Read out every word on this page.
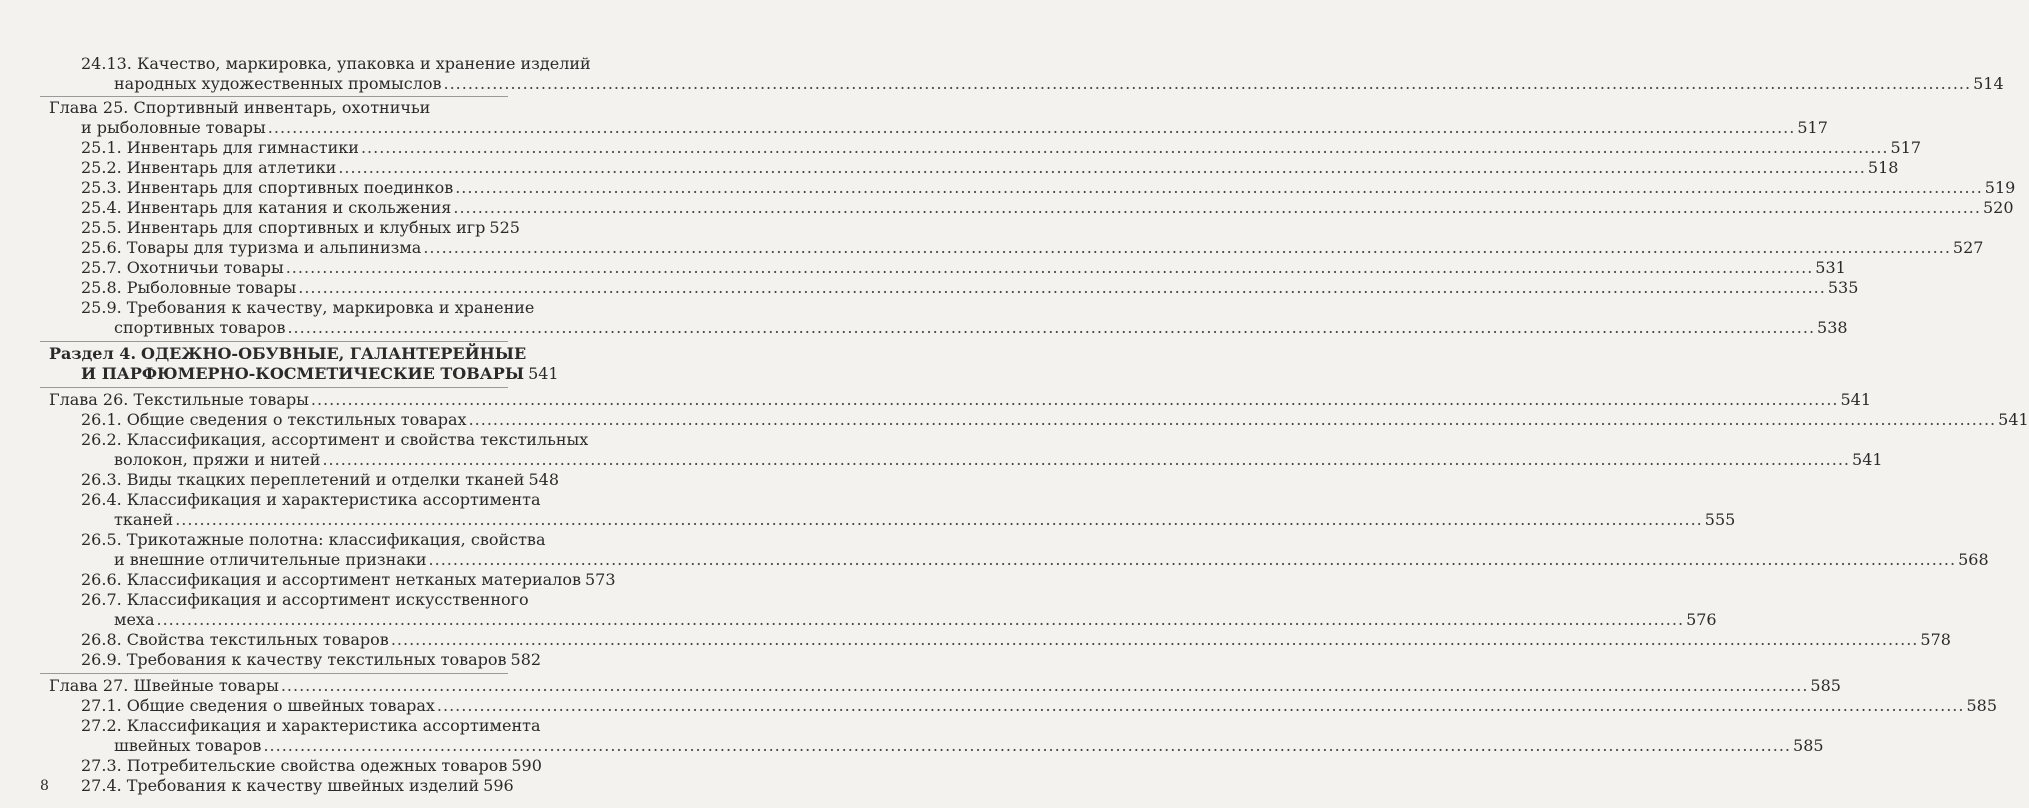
24.13. Качество, маркировка, упаковка и хранение изделий
народных художественных промыслов .....	514
Глава 25. Спортивный инвентарь, охотничьи
и рыболовные товары .....	517
25.1. Инвентарь для гимнастики .....	517
25.2. Инвентарь для атлетики .....	518
25.3. Инвентарь для спортивных поединков .....	519
25.4. Инвентарь для катания и скольжения .....	520
25.5. Инвентарь для спортивных и клубных игр 525
25.6. Товары для туризма и альпинизма .....	527
25.7. Охотничьи товары .....	531
25.8. Рыболовные товары .....	535
25.9. Требования к качеству, маркировка и хранение
спортивных товаров .....	538
Раздел 4. ОДЕЖНО-ОБУВНЫЕ, ГАЛАНТЕРЕЙНЫЕ
И ПАРФЮМЕРНО-КОСМЕТИЧЕСКИЕ ТОВАРЫ 541
Глава 26. Текстильные товары .....	541
26.1. Общие сведения о текстильных товарах .....	541
26.2. Классификация, ассортимент и свойства текстильных
волокон, пряжи и нитей .....	541
26.3. Виды ткацких переплетений и отделки тканей 548
26.4. Классификация и характеристика ассортимента
тканей .....	555
26.5. Трикотажные полотна: классификация, свойства
и внешние отличительные признаки .....	568
26.6. Классификация и ассортимент нетканых материалов 573
26.7. Классификация и ассортимент искусственного
меха .....	576
26.8. Свойства текстильных товаров .....	578
26.9. Требования к качеству текстильных товаров 582
Глава 27. Швейные товары .....	585
27.1. Общие сведения о швейных товарах .....	585
27.2. Классификация и характеристика ассортимента
швейных товаров .....	585
27.3. Потребительские свойства одежных товаров 590
27.4. Требования к качеству швейных изделий 596
8
